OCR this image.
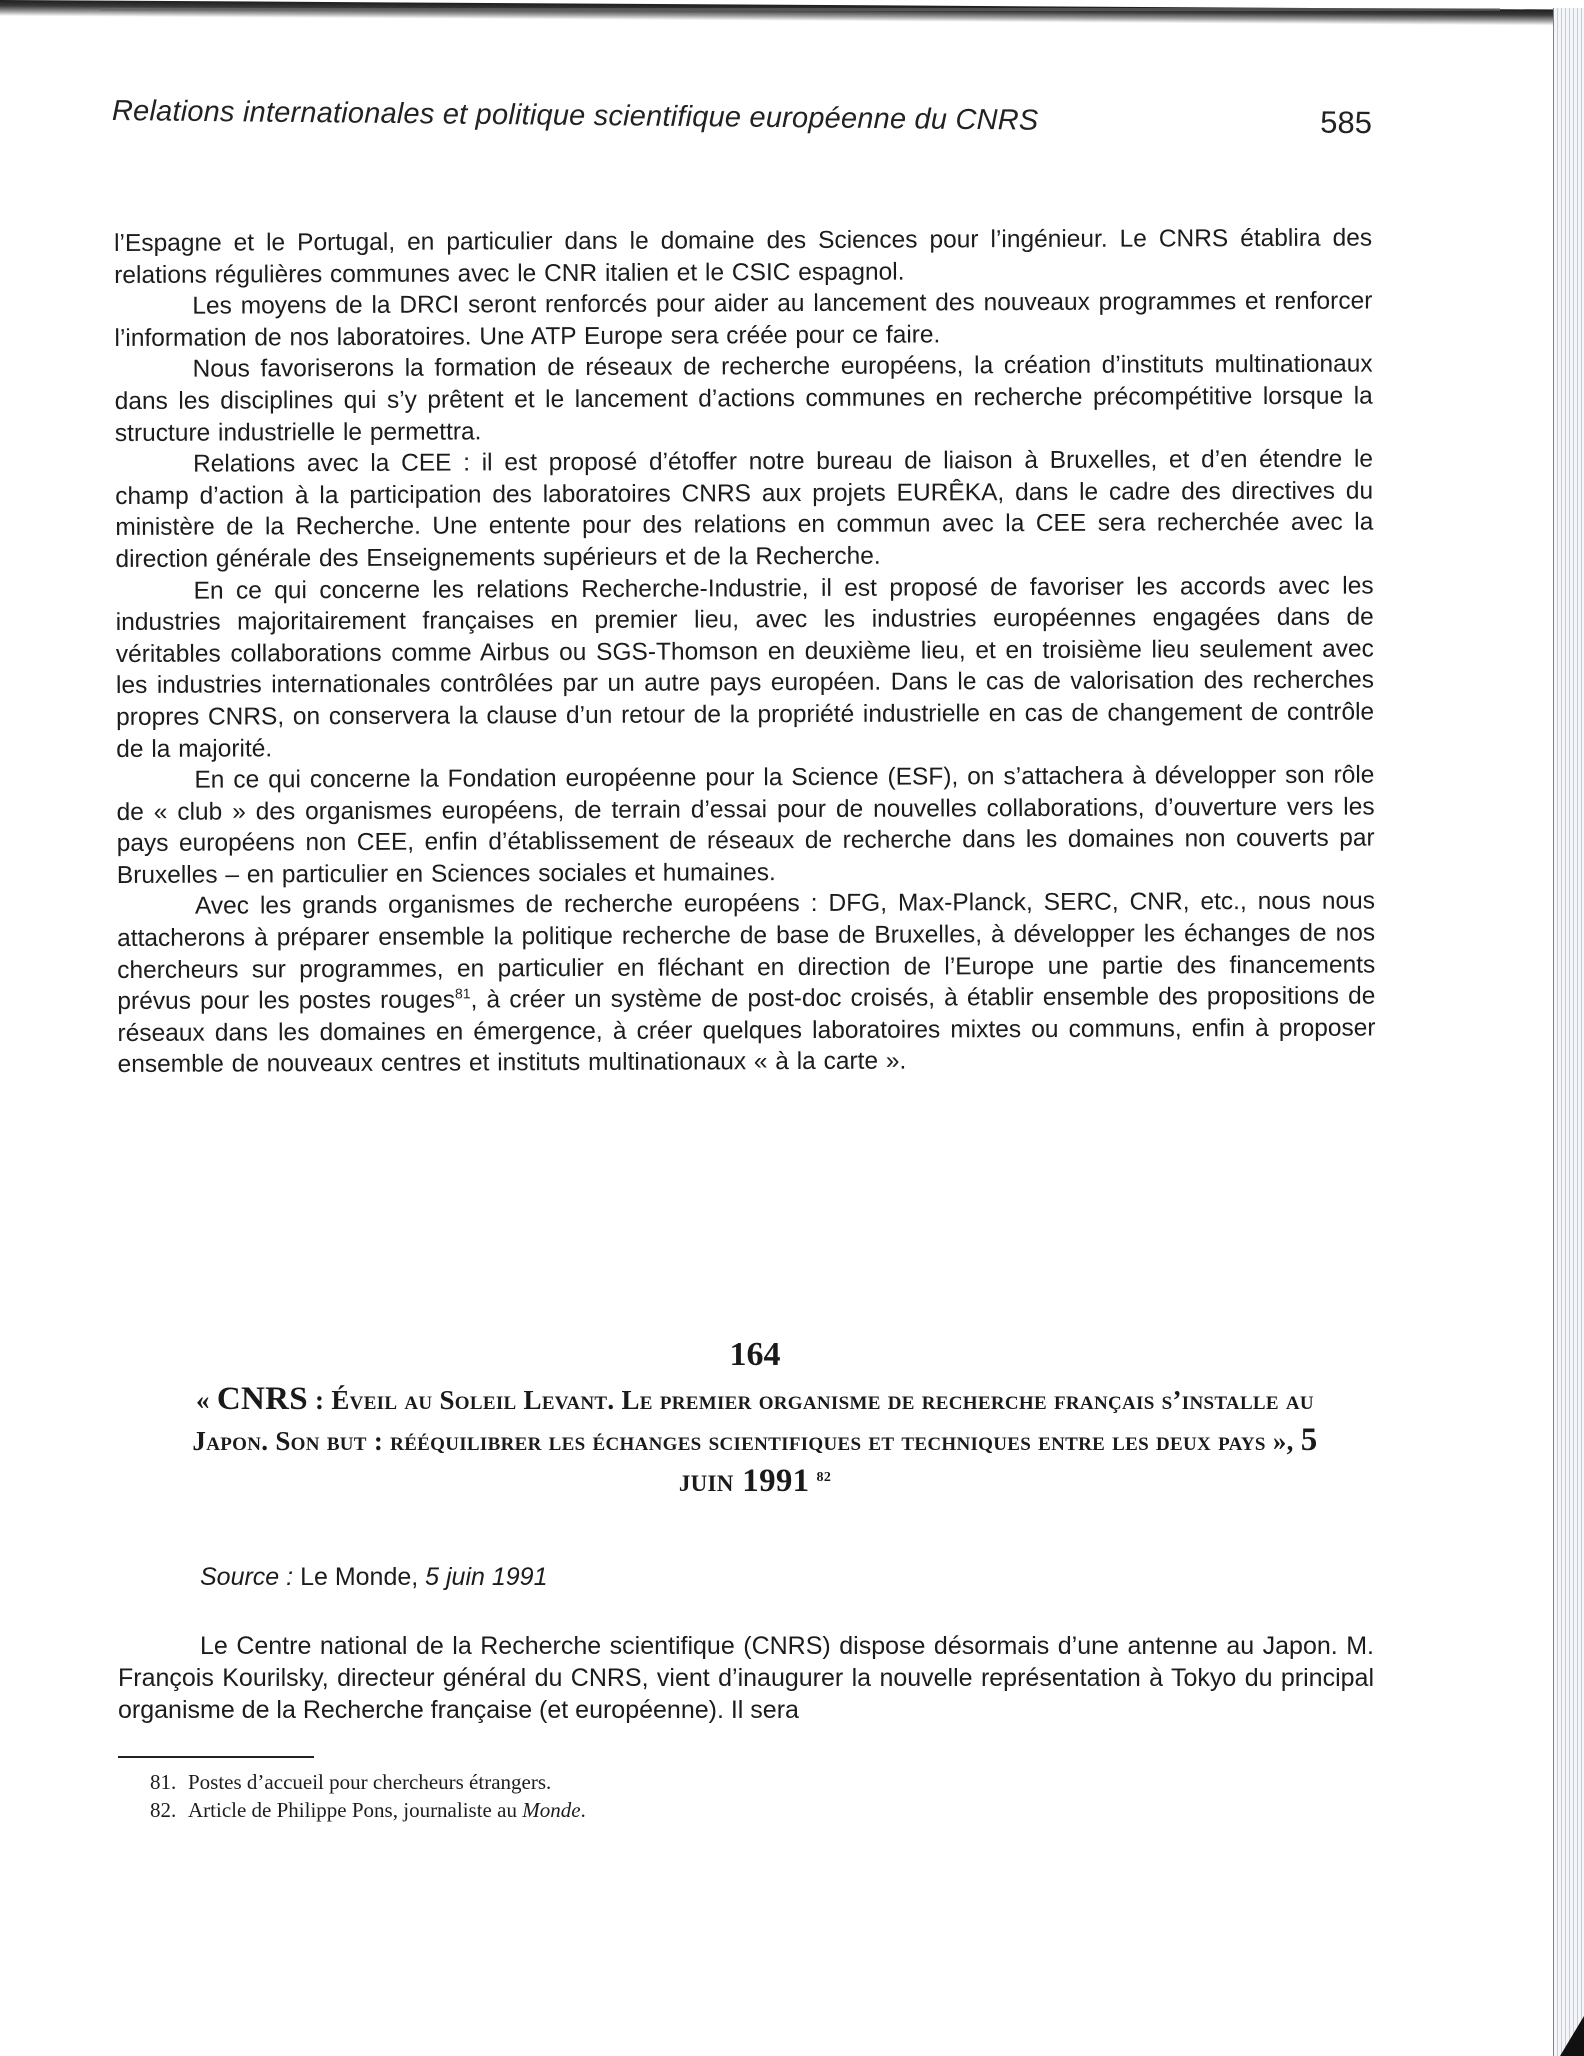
Relations internationales et politique scientifique européenne du CNRS	585

l’Espagne et le Portugal, en particulier dans le domaine des Sciences pour l’ingénieur. Le CNRS établira des relations régulières communes avec le CNR italien et le CSIC espagnol.

Les moyens de la DRCI seront renforcés pour aider au lancement des nouveaux programmes et renforcer l’information de nos laboratoires. Une ATP Europe sera créée pour ce faire.

Nous favoriserons la formation de réseaux de recherche européens, la création d’instituts multinationaux dans les disciplines qui s’y prêtent et le lancement d’actions communes en recherche précompétitive lorsque la structure industrielle le permettra.

Relations avec la CEE : il est proposé d’étoffer notre bureau de liaison à Bruxelles, et d’en étendre le champ d’action à la participation des laboratoires CNRS aux projets EURÊKA, dans le cadre des directives du ministère de la Recherche. Une entente pour des relations en commun avec la CEE sera recherchée avec la direction générale des Enseignements supérieurs et de la Recherche.

En ce qui concerne les relations Recherche-Industrie, il est proposé de favoriser les accords avec les industries majoritairement françaises en premier lieu, avec les industries européennes engagées dans de véritables collaborations comme Airbus ou SGS-Thomson en deuxième lieu, et en troisième lieu seulement avec les industries internationales contrôlées par un autre pays européen. Dans le cas de valorisation des recherches propres CNRS, on conservera la clause d’un retour de la propriété industrielle en cas de changement de contrôle de la majorité.

En ce qui concerne la Fondation européenne pour la Science (ESF), on s’attachera à développer son rôle de « club » des organismes européens, de terrain d’essai pour de nouvelles collaborations, d’ouverture vers les pays européens non CEE, enfin d’établissement de réseaux de recherche dans les domaines non couverts par Bruxelles – en particulier en Sciences sociales et humaines.

Avec les grands organismes de recherche européens : DFG, Max-Planck, SERC, CNR, etc., nous nous attacherons à préparer ensemble la politique recherche de base de Bruxelles, à développer les échanges de nos chercheurs sur programmes, en particulier en fléchant en direction de l’Europe une partie des financements prévus pour les postes rouges$^{81}$, à créer un système de post-doc croisés, à établir ensemble des propositions de réseaux dans les domaines en émergence, à créer quelques laboratoires mixtes ou communs, enfin à proposer ensemble de nouveaux centres et instituts multinationaux « à la carte ».

164
« CNRS : Éveil au Soleil Levant. Le premier organisme de recherche français s’installe au Japon. Son but : rééquilibrer les échanges scientifiques et techniques entre les deux pays », 5 juin 1991 $^{82}$
Source : Le Monde, 5 juin 1991

Le Centre national de la Recherche scientifique (CNRS) dispose désormais d’une antenne au Japon. M. François Kourilsky, directeur général du CNRS, vient d’inaugurer la nouvelle représentation à Tokyo du principal organisme de la Recherche française (et européenne). Il sera

81. Postes d’accueil pour chercheurs étrangers.
82. Article de Philippe Pons, journaliste au Monde.
